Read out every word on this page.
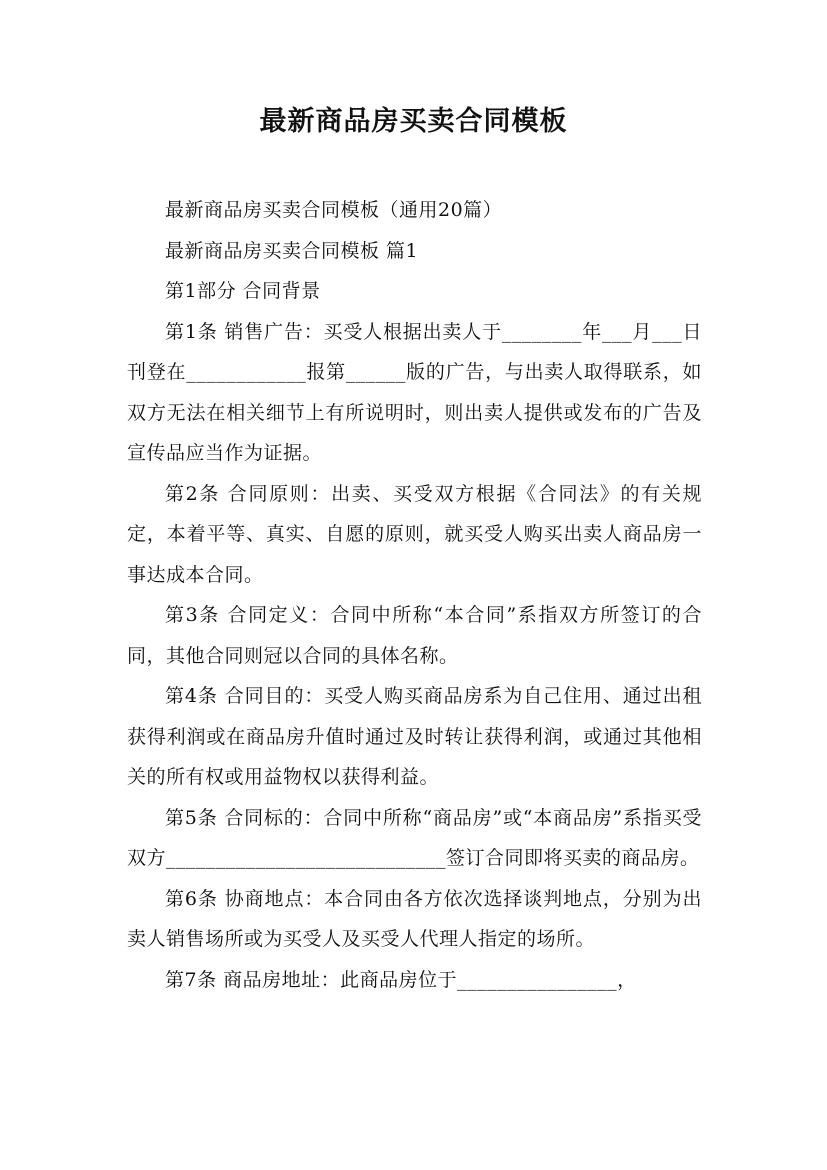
最新商品房买卖合同模板

最新商品房买卖合同模板（通用20篇）

最新商品房买卖合同模板 篇1

第1部分 合同背景

第1条 销售广告：买受人根据出卖人于________年___月___日刊登在____________报第______版的广告，与出卖人取得联系，如双方无法在相关细节上有所说明时，则出卖人提供或发布的广告及宣传品应当作为证据。

第2条 合同原则：出卖、买受双方根据《合同法》的有关规定，本着平等、真实、自愿的原则，就买受人购买出卖人商品房一事达成本合同。

第3条 合同定义：合同中所称“本合同”系指双方所签订的合同，其他合同则冠以合同的具体名称。

第4条 合同目的：买受人购买商品房系为自己住用、通过出租获得利润或在商品房升值时通过及时转让获得利润，或通过其他相关的所有权或用益物权以获得利益。

第5条 合同标的：合同中所称“商品房”或“本商品房”系指买受双方____________________________签订合同即将买卖的商品房。

第6条 协商地点：本合同由各方依次选择谈判地点，分别为出卖人销售场所或为买受人及买受人代理人指定的场所。

第7条 商品房地址：此商品房位于________________，
